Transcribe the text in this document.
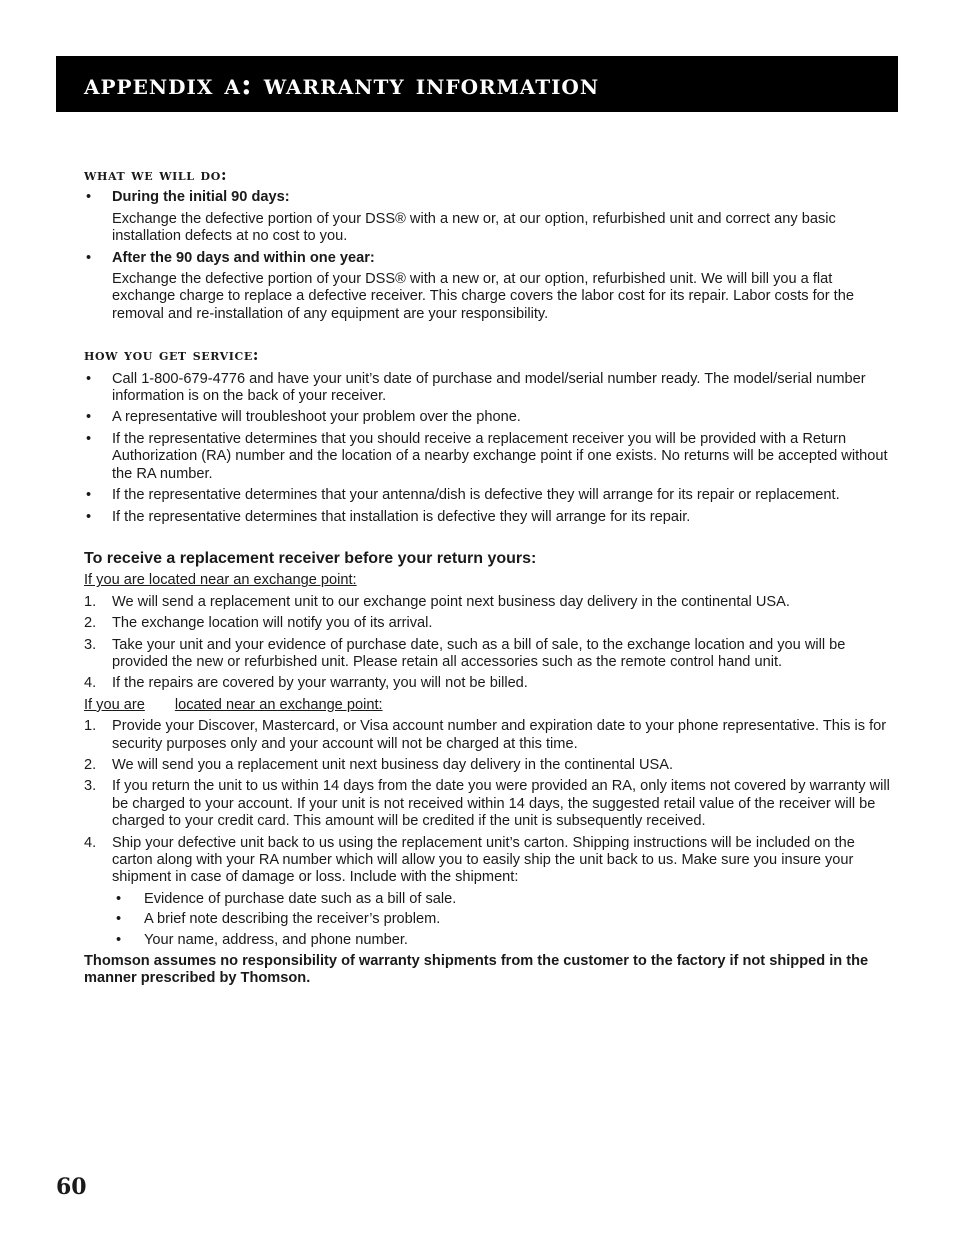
appendix a: warranty information
what we will do:
• During the initial 90 days:
Exchange the defective portion of your DSS® with a new or, at our option, refurbished unit and correct any basic installation defects at no cost to you.
• After the 90 days and within one year:
Exchange the defective portion of your DSS® with a new or, at our option, refurbished unit. We will bill you a flat exchange charge to replace a defective receiver. This charge covers the labor cost for its repair. Labor costs for the removal and re-installation of any equipment are your responsibility.
how you get service:
• Call 1-800-679-4776 and have your unit’s date of purchase and model/serial number ready. The model/serial number information is on the back of your receiver.
• A representative will troubleshoot your problem over the phone.
• If the representative determines that you should receive a replacement receiver you will be provided with a Return Authorization (RA) number and the location of a nearby exchange point if one exists. No returns will be accepted without the RA number.
• If the representative determines that your antenna/dish is defective they will arrange for its repair or replacement.
• If the representative determines that installation is defective they will arrange for its repair.
To receive a replacement receiver before your return yours:
If you are located near an exchange point:
1. We will send a replacement unit to our exchange point next business day delivery in the continental USA.
2. The exchange location will notify you of its arrival.
3. Take your unit and your evidence of purchase date, such as a bill of sale, to the exchange location and you will be provided the new or refurbished unit. Please retain all accessories such as the remote control hand unit.
4. If the repairs are covered by your warranty, you will not be billed.
If you are located near an exchange point:
1. Provide your Discover, Mastercard, or Visa account number and expiration date to your phone representative. This is for security purposes only and your account will not be charged at this time.
2. We will send you a replacement unit next business day delivery in the continental USA.
3. If you return the unit to us within 14 days from the date you were provided an RA, only items not covered by warranty will be charged to your account. If your unit is not received within 14 days, the suggested retail value of the receiver will be charged to your credit card. This amount will be credited if the unit is subsequently received.
4. Ship your defective unit back to us using the replacement unit’s carton. Shipping instructions will be included on the carton along with your RA number which will allow you to easily ship the unit back to us. Make sure you insure your shipment in case of damage or loss. Include with the shipment:
• Evidence of purchase date such as a bill of sale.
• A brief note describing the receiver’s problem.
• Your name, address, and phone number.
Thomson assumes no responsibility of warranty shipments from the customer to the factory if not shipped in the manner prescribed by Thomson.
60
